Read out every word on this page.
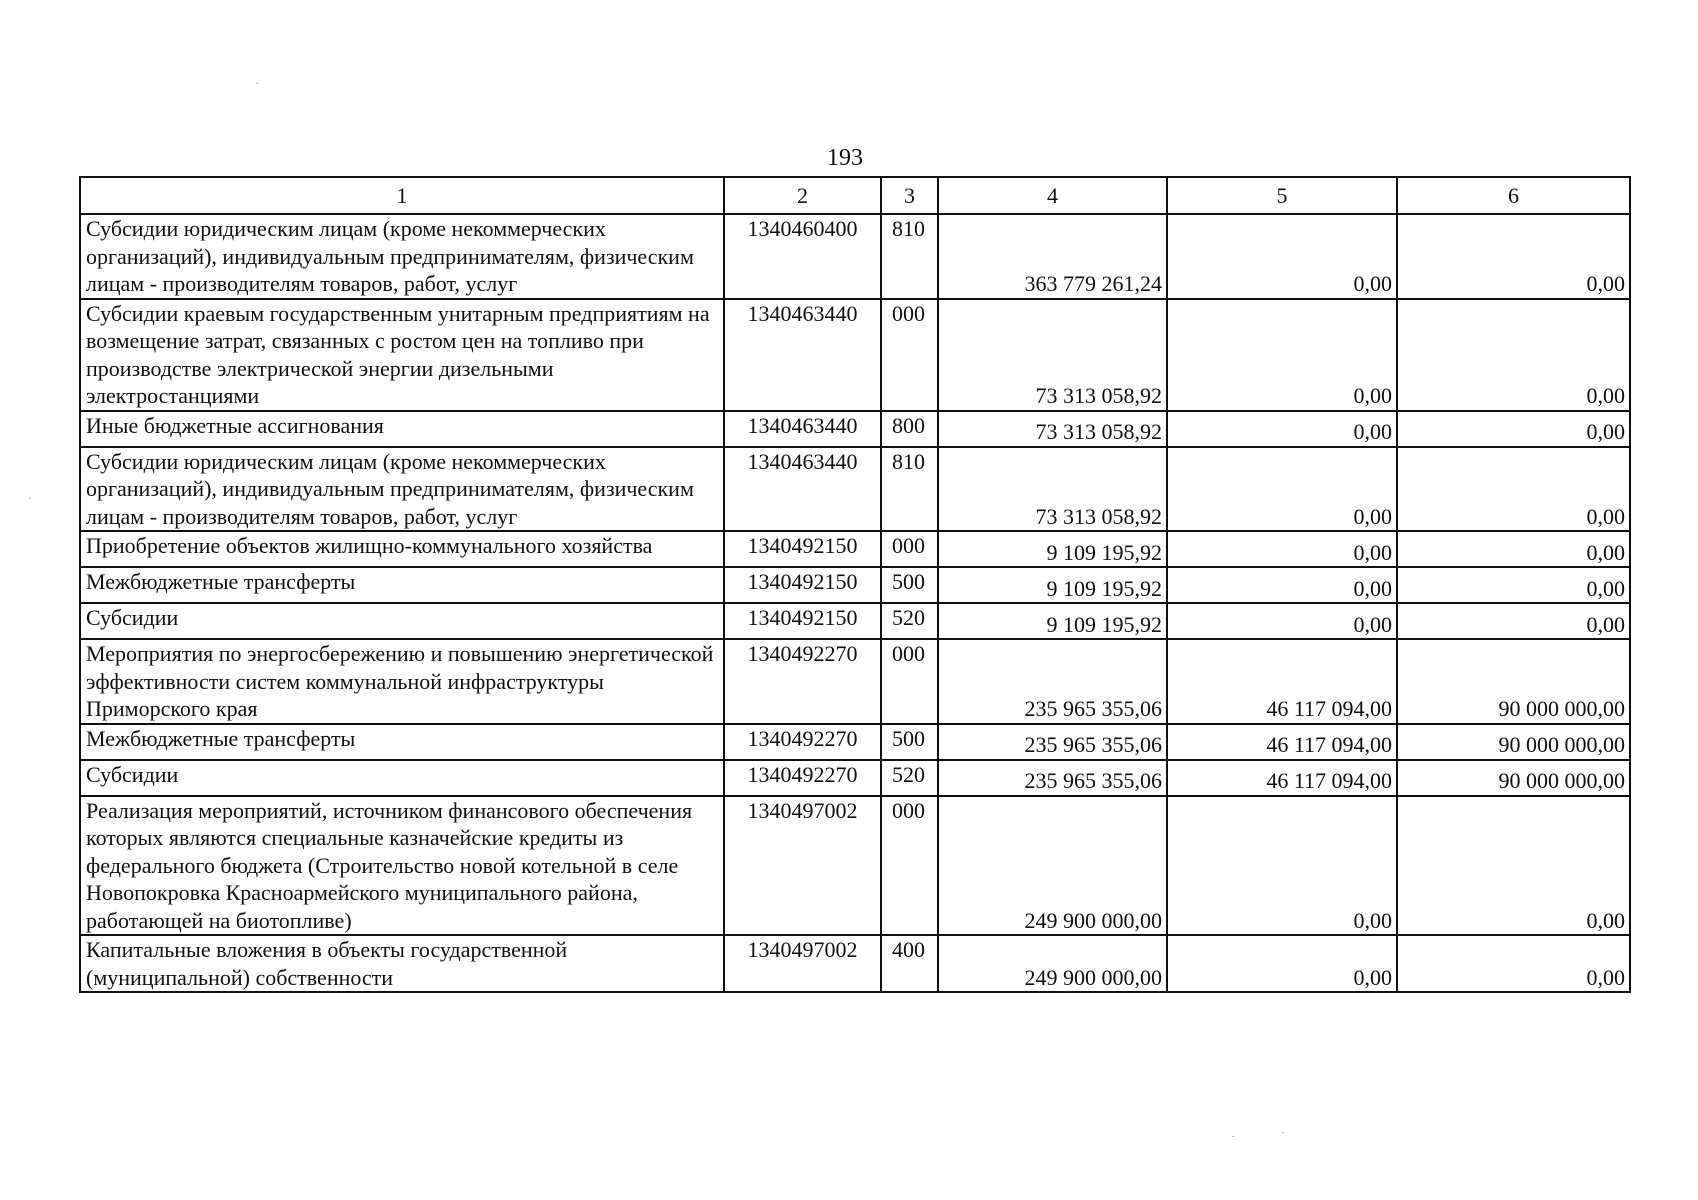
193
1	2	3	4	5	6
Субсидии юридическим лицам (кроме некоммерческих организаций), индивидуальным предпринимателям, физическим лицам - производителям товаров, работ, услуг	1340460400	810	363 779 261,24	0,00	0,00
Субсидии краевым государственным унитарным предприятиям на возмещение затрат, связанных с ростом цен на топливо при производстве электрической энергии дизельными электростанциями	1340463440	000	73 313 058,92	0,00	0,00
Иные бюджетные ассигнования	1340463440	800	73 313 058,92	0,00	0,00
Субсидии юридическим лицам (кроме некоммерческих организаций), индивидуальным предпринимателям, физическим лицам - производителям товаров, работ, услуг	1340463440	810	73 313 058,92	0,00	0,00
Приобретение объектов жилищно-коммунального хозяйства	1340492150	000	9 109 195,92	0,00	0,00
Межбюджетные трансферты	1340492150	500	9 109 195,92	0,00	0,00
Субсидии	1340492150	520	9 109 195,92	0,00	0,00
Мероприятия по энергосбережению и повышению энергетической эффективности систем коммунальной инфраструктуры Приморского края	1340492270	000	235 965 355,06	46 117 094,00	90 000 000,00
Межбюджетные трансферты	1340492270	500	235 965 355,06	46 117 094,00	90 000 000,00
Субсидии	1340492270	520	235 965 355,06	46 117 094,00	90 000 000,00
Реализация мероприятий, источником финансового обеспечения которых являются специальные казначейские кредиты из федерального бюджета (Строительство новой котельной в селе Новопокровка Красноармейского муниципального района, работающей на биотопливе)	1340497002	000	249 900 000,00	0,00	0,00
Капитальные вложения в объекты государственной (муниципальной) собственности	1340497002	400	249 900 000,00	0,00	0,00
